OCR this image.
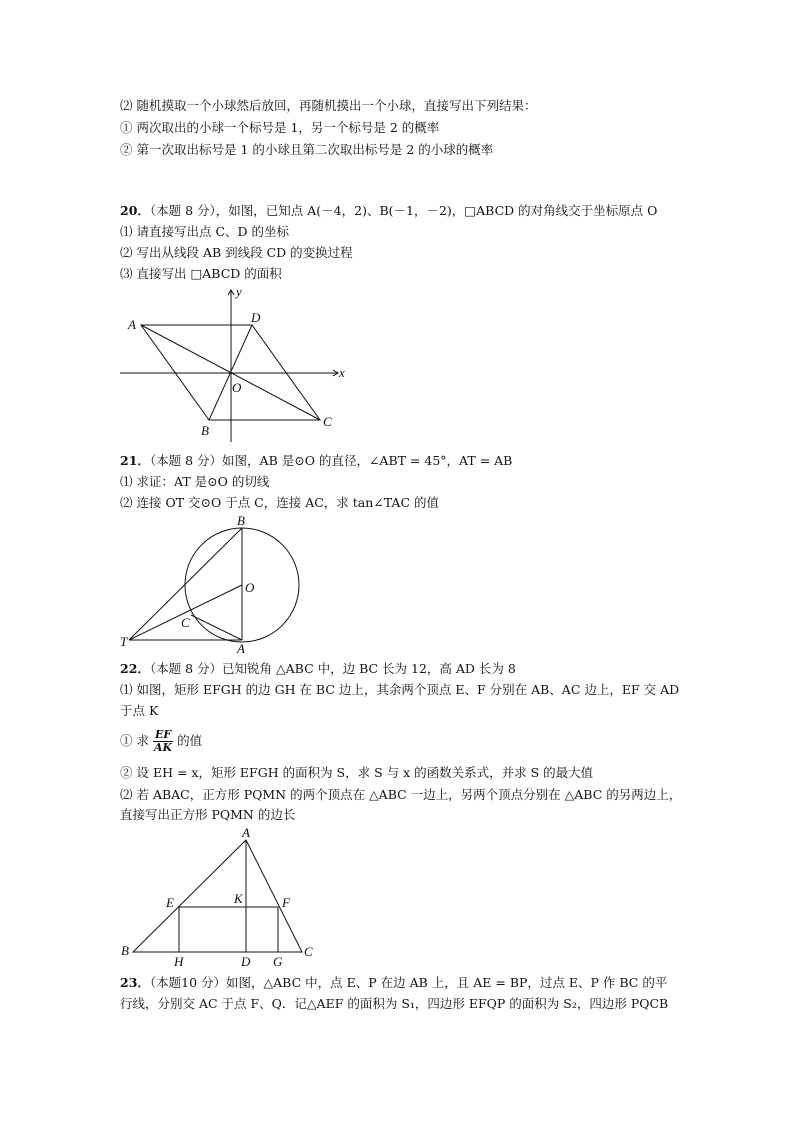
⑵ 随机摸取一个小球然后放回，再随机摸出一个小球，直接写出下列结果：
① 两次取出的小球一个标号是 1，另一个标号是 2 的概率
② 第一次取出标号是 1 的小球且第二次取出标号是 2 的小球的概率
20．（本题 8 分），如图，已知点 A(－4，2)、B(－1，－2)，□ABCD 的对角线交于坐标原点 O
⑴ 请直接写出点 C、D 的坐标
⑵ 写出从线段 AB 到线段 CD 的变换过程
⑶ 直接写出 □ABCD 的面积
A	D
O
C
B
x
y
21．（本题 8 分）如图，AB 是⊙O 的直径，∠ABT = 45°，AT = AB
⑴ 求证：AT 是⊙O 的切线
⑵ 连接 OT 交⊙O 于点 C，连接 AC，求 tan∠TAC 的值
B
O
C
T	A
22．（本题 8 分）已知锐角 △ABC 中，边 BC 长为 12，高 AD 长为 8
⑴ 如图，矩形 EFGH 的边 GH 在 BC 边上，其余两个顶点 E、F 分别在 AB、AC 边上，EF 交 AD
于点 K
① 求 $\frac{EF}{AK}$ 的值
② 设 EH = x，矩形 EFGH 的面积为 S，求 S 与 x 的函数关系式，并求 S 的最大值
⑵ 若 ABAC，正方形 PQMN 的两个顶点在 △ABC 一边上，另两个顶点分别在 △ABC 的另两边上，
直接写出正方形 PQMN 的边长
A
E	K	F
B
H	D G
C
23．（本题10 分）如图，△ABC 中，点 E、P 在边 AB 上，且 AE = BP，过点 E、P 作 BC 的平
行线，分别交 AC 于点 F、Q．记△AEF 的面积为 S₁，四边形 EFQP 的面积为 S₂，四边形 PQCB
